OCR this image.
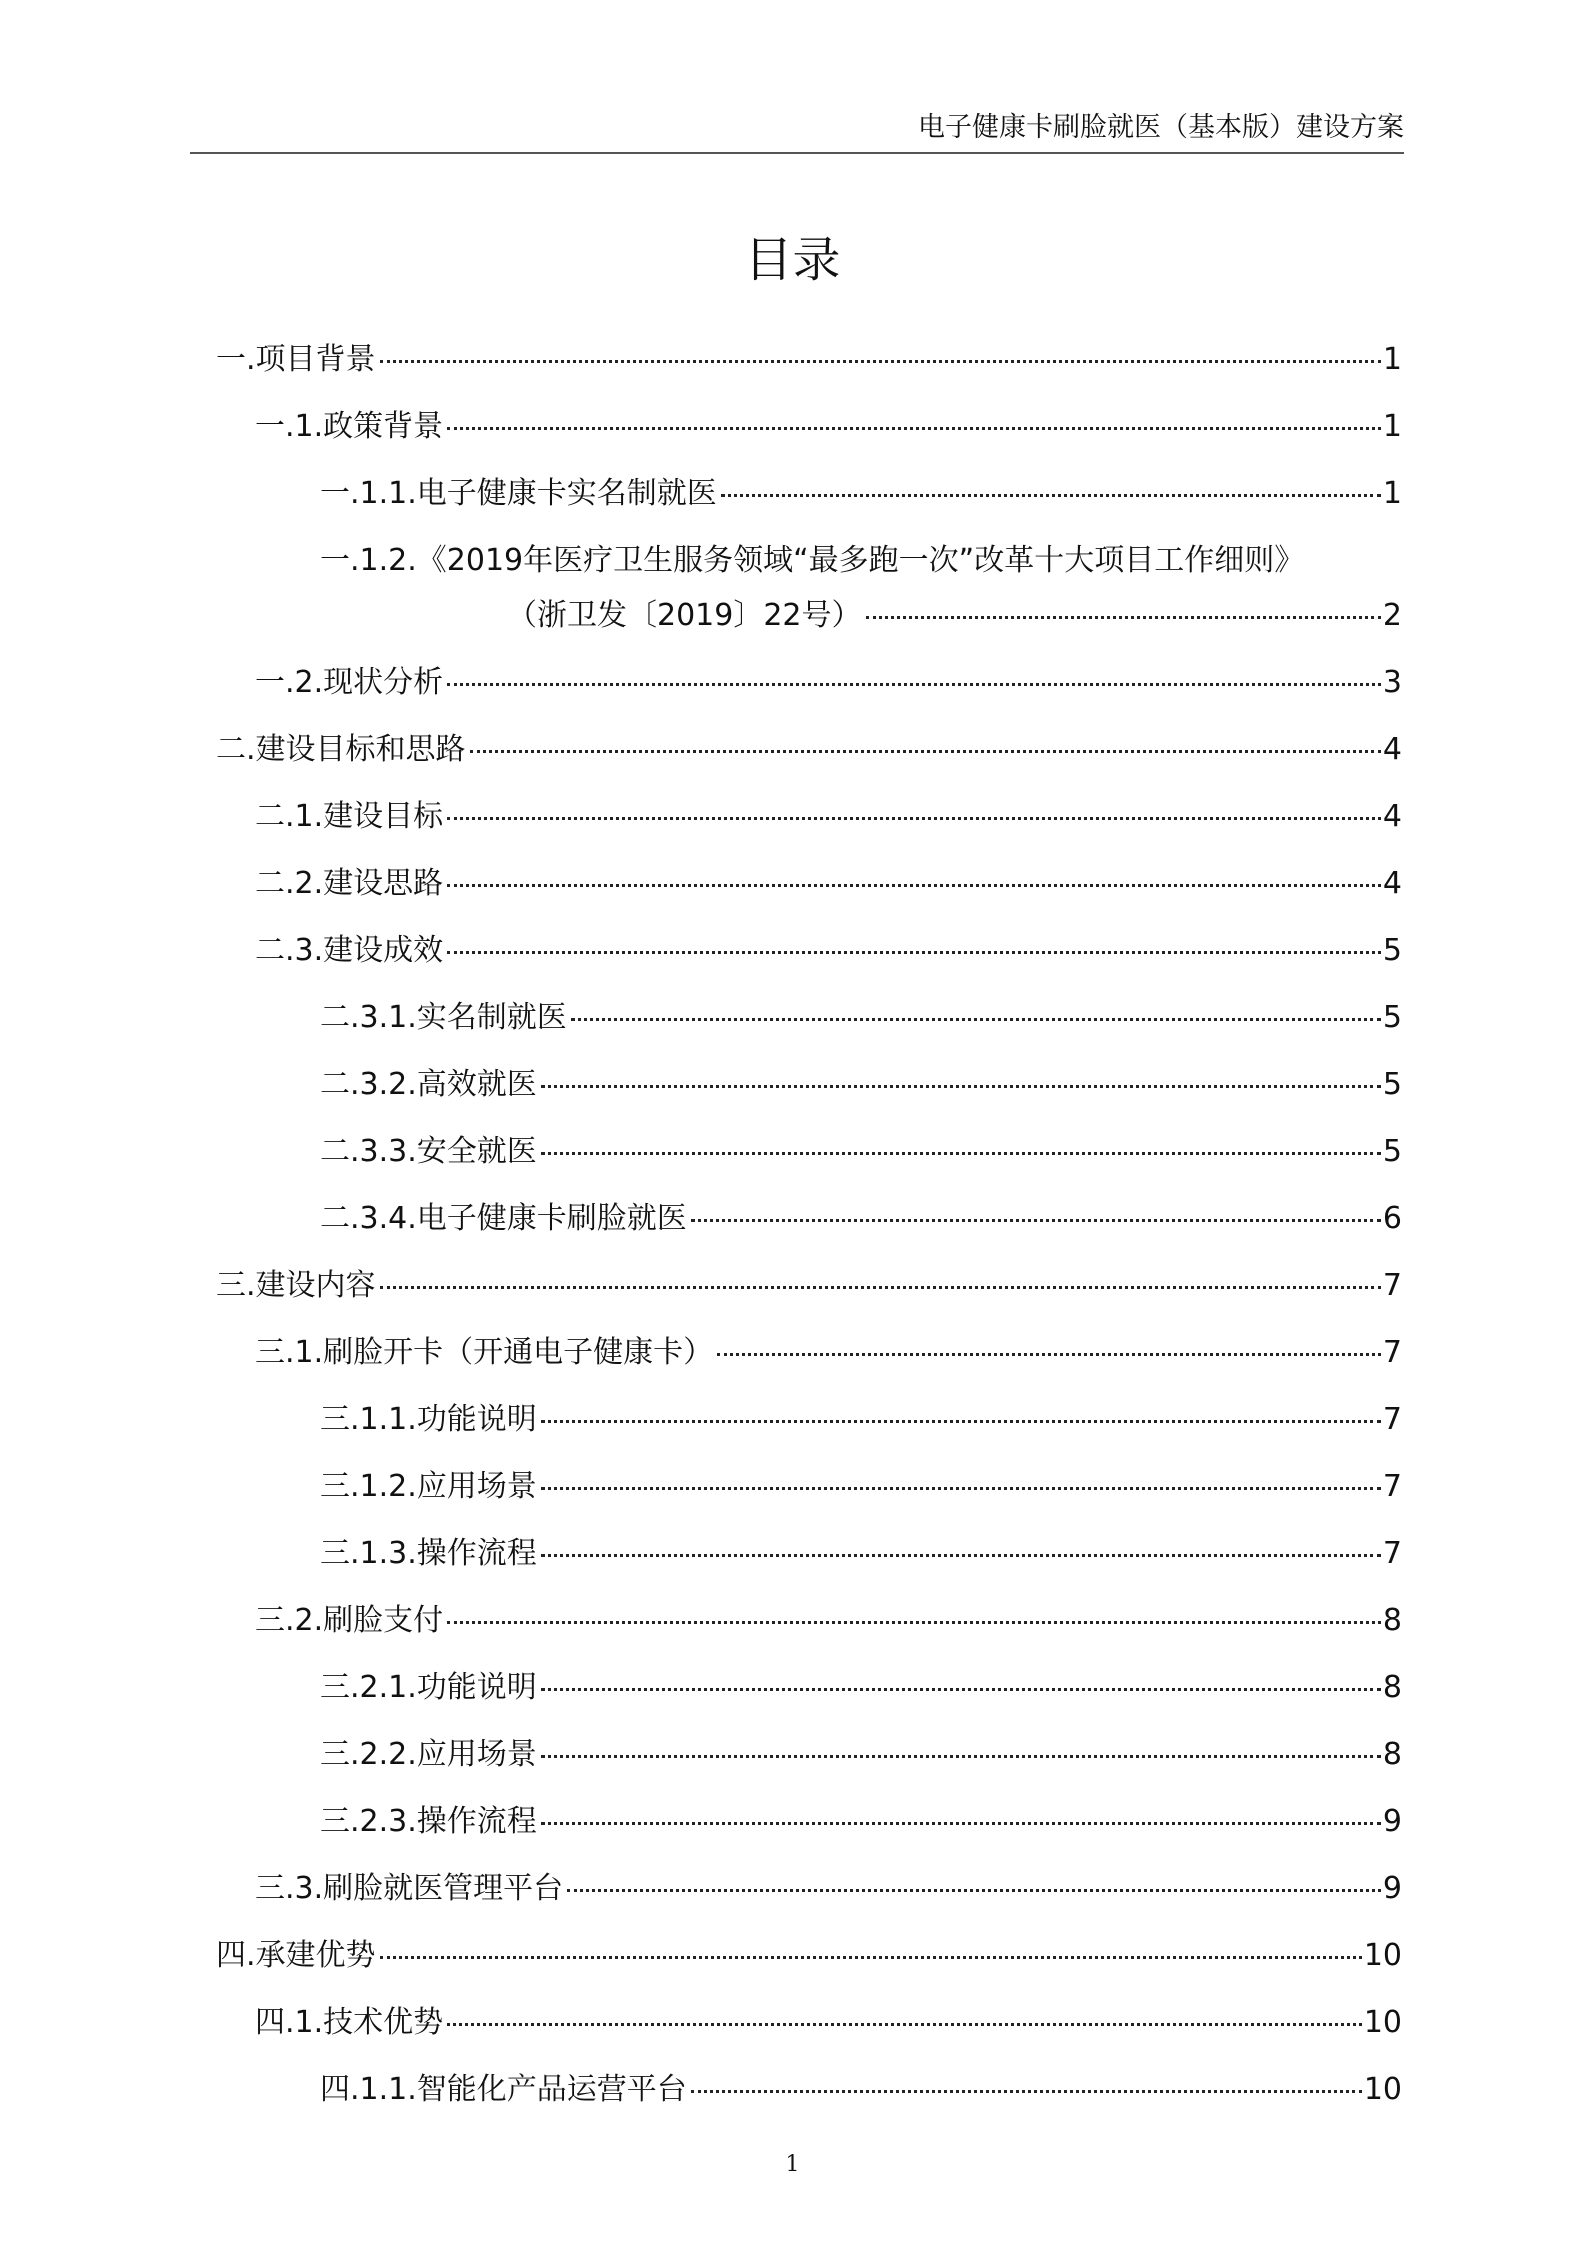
电子健康卡刷脸就医（基本版）建设方案
目录
一.项目背景	1
一.1.政策背景	1
一.1.1.电子健康卡实名制就医	1
一.1.2.《2019年医疗卫生服务领域“最多跑一次”改革十大项目工作细则》
（浙卫发〔2019〕22号）	2
一.2.现状分析	3
二.建设目标和思路	4
二.1.建设目标	4
二.2.建设思路	4
二.3.建设成效	5
二.3.1.实名制就医	5
二.3.2.高效就医	5
二.3.3.安全就医	5
二.3.4.电子健康卡刷脸就医	6
三.建设内容	7
三.1.刷脸开卡（开通电子健康卡）	7
三.1.1.功能说明	7
三.1.2.应用场景	7
三.1.3.操作流程	7
三.2.刷脸支付	8
三.2.1.功能说明	8
三.2.2.应用场景	8
三.2.3.操作流程	9
三.3.刷脸就医管理平台	9
四.承建优势	10
四.1.技术优势	10
四.1.1.智能化产品运营平台	10
1
